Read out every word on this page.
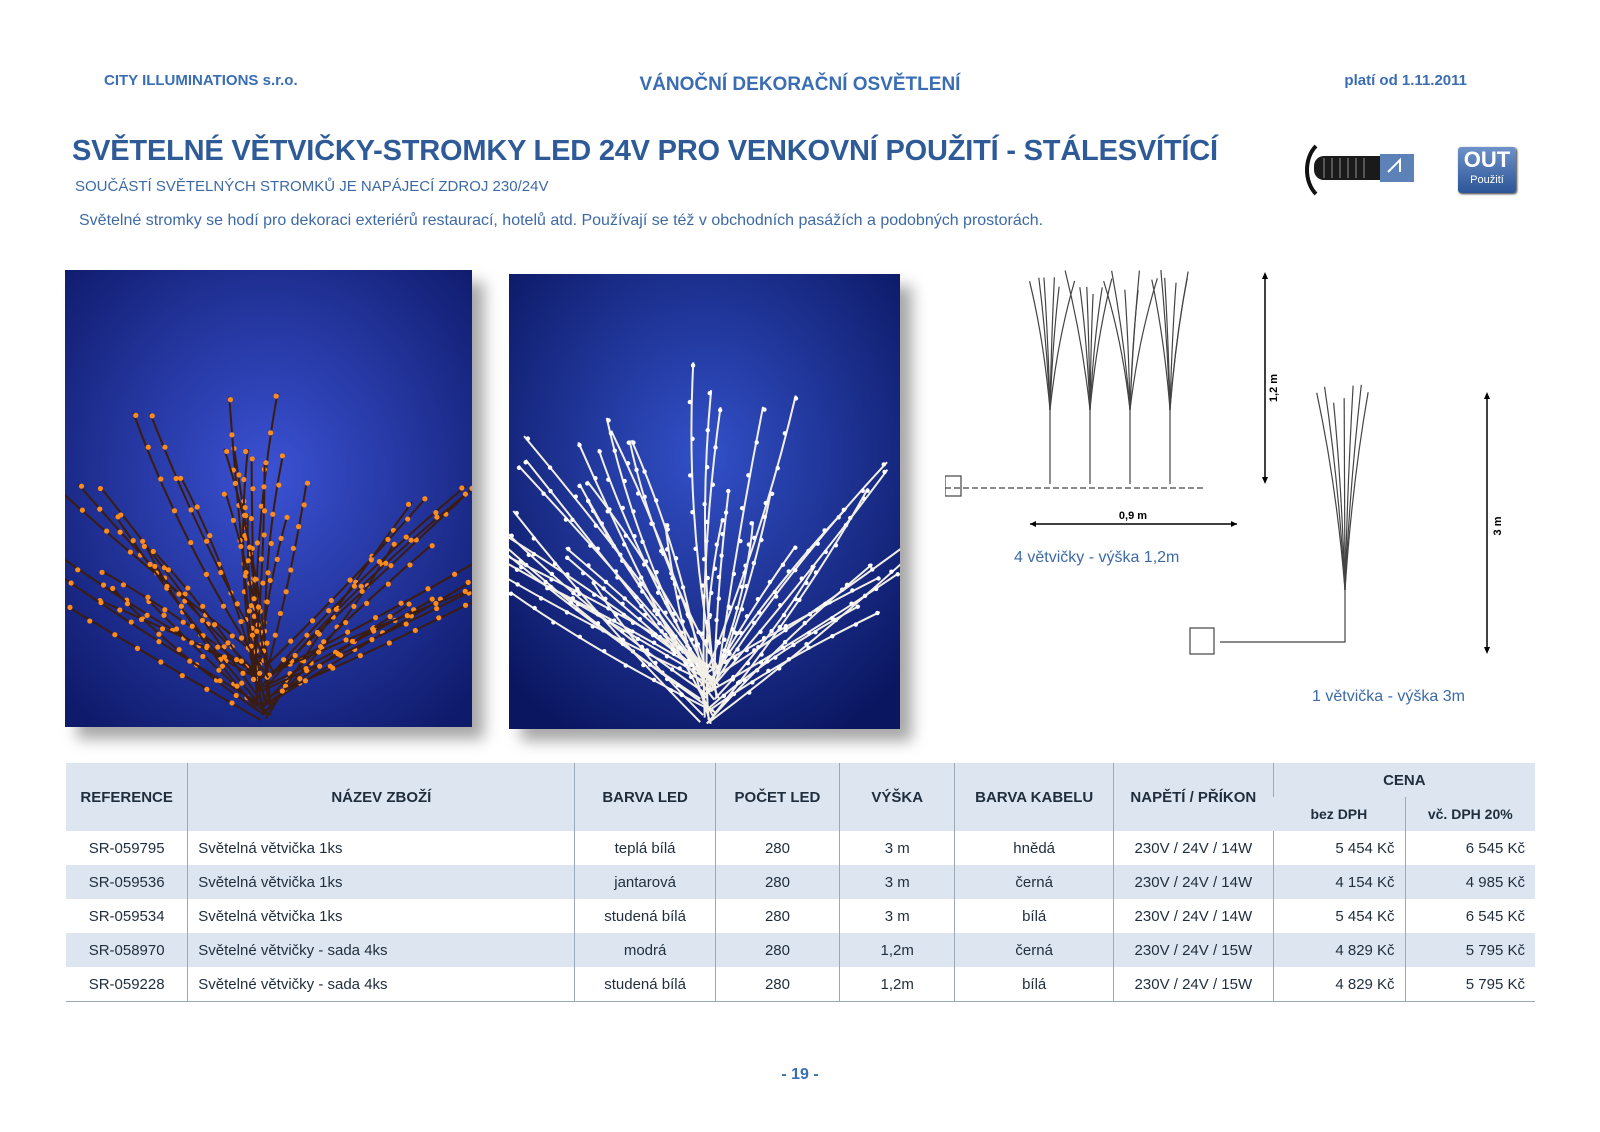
CITY ILLUMINATIONS s.r.o.	VÁNOČNÍ DEKORAČNÍ OSVĚTLENÍ	platí od 1.11.2011
SVĚTELNÉ VĚTVIČKY-STROMKY LED 24V PRO VENKOVNÍ POUŽITÍ - STÁLESVÍTÍCÍ
SOUČÁSTÍ SVĚTELNÝCH STROMKŮ JE NAPÁJECÍ ZDROJ 230/24V
Světelné stromky se hodí pro dekoraci exteriérů restaurací, hotelů atd. Používají se též v obchodních pasážích a podobných prostorách.
OUT
Použití
0,9 m
1,2 m
4 větvičky - výška 1,2m
3 m
1 větvička - výška 3m
REFERENCE	NÁZEV ZBOŽÍ	BARVA LED	POČET LED	VÝŠKA	BARVA KABELU	NAPĚTÍ / PŘÍKON	CENA	
							bez DPH	vč. DPH 20%
SR-059795	Světelná větvička 1ks	teplá bílá	280	3 m	hnědá	230V / 24V / 14W	5 454 Kč	6 545 Kč
SR-059536	Světelná větvička 1ks	jantarová	280	3 m	černá	230V / 24V / 14W	4 154 Kč	4 985 Kč
SR-059534	Světelná větvička 1ks	studená bílá	280	3 m	bílá	230V / 24V / 14W	5 454 Kč	6 545 Kč
SR-058970	Světelné větvičky - sada 4ks	modrá	280	1,2m	černá	230V / 24V / 15W	4 829 Kč	5 795 Kč
SR-059228	Světelné větvičky - sada 4ks	studená bílá	280	1,2m	bílá	230V / 24V / 15W	4 829 Kč	5 795 Kč
- 19 -
